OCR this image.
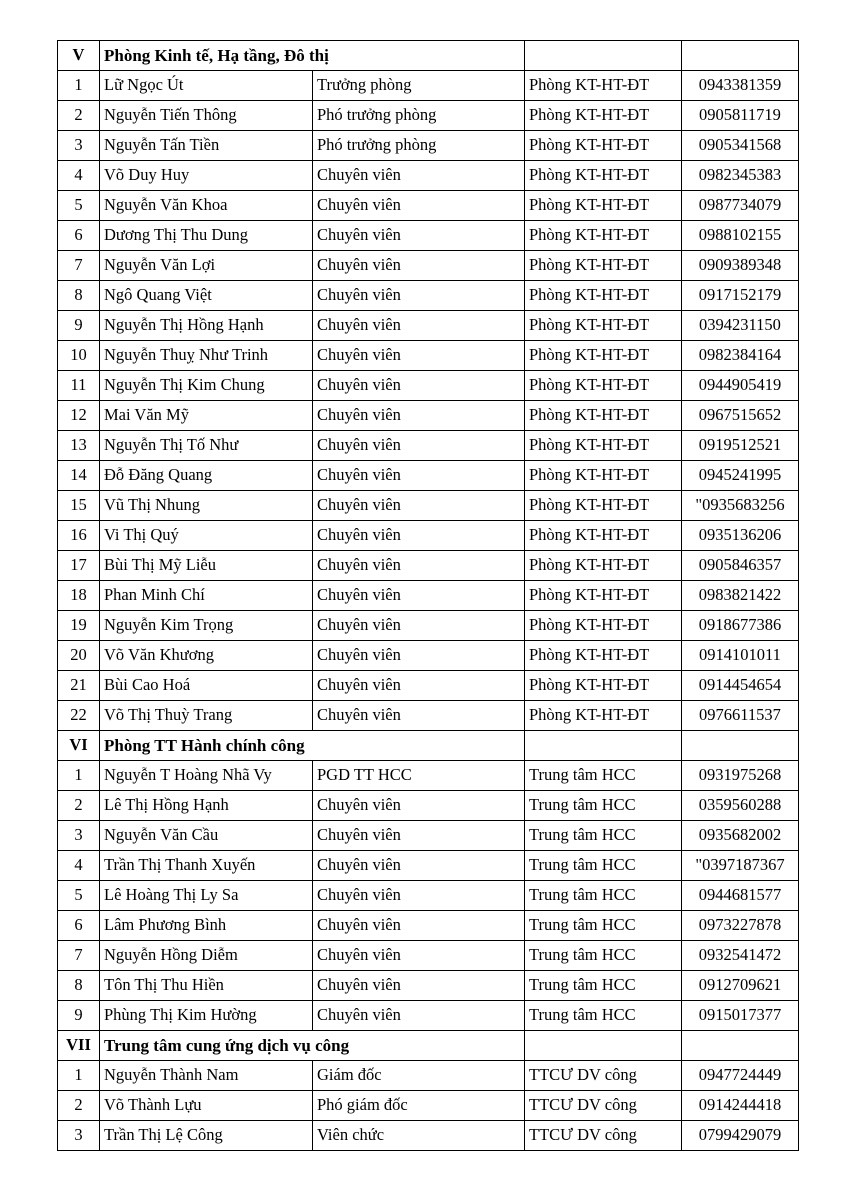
V	Phòng Kinh tế, Hạ tầng, Đô thị			
1	Lữ Ngọc Út	Trưởng phòng	Phòng KT-HT-ĐT	0943381359
2	Nguyễn Tiến Thông	Phó trưởng phòng	Phòng KT-HT-ĐT	0905811719
3	Nguyễn Tấn Tiền	Phó trưởng phòng	Phòng KT-HT-ĐT	0905341568
4	Võ Duy Huy	Chuyên viên	Phòng KT-HT-ĐT	0982345383
5	Nguyễn Văn Khoa	Chuyên viên	Phòng KT-HT-ĐT	0987734079
6	Dương Thị Thu Dung	Chuyên viên	Phòng KT-HT-ĐT	0988102155
7	Nguyễn Văn Lợi	Chuyên viên	Phòng KT-HT-ĐT	0909389348
8	Ngô Quang Việt	Chuyên viên	Phòng KT-HT-ĐT	0917152179
9	Nguyễn Thị Hồng Hạnh	Chuyên viên	Phòng KT-HT-ĐT	0394231150
10	Nguyễn Thuỵ Như Trinh	Chuyên viên	Phòng KT-HT-ĐT	0982384164
11	Nguyễn Thị Kim Chung	Chuyên viên	Phòng KT-HT-ĐT	0944905419
12	Mai Văn Mỹ	Chuyên viên	Phòng KT-HT-ĐT	0967515652
13	Nguyễn Thị Tố Như	Chuyên viên	Phòng KT-HT-ĐT	0919512521
14	Đỗ Đăng Quang	Chuyên viên	Phòng KT-HT-ĐT	0945241995
15	Vũ Thị Nhung	Chuyên viên	Phòng KT-HT-ĐT	"0935683256
16	Vi Thị Quý	Chuyên viên	Phòng KT-HT-ĐT	0935136206
17	Bùi Thị Mỹ Liễu	Chuyên viên	Phòng KT-HT-ĐT	0905846357
18	Phan Minh Chí	Chuyên viên	Phòng KT-HT-ĐT	0983821422
19	Nguyễn Kim Trọng	Chuyên viên	Phòng KT-HT-ĐT	0918677386
20	Võ Văn Khương	Chuyên viên	Phòng KT-HT-ĐT	0914101011
21	Bùi Cao Hoá	Chuyên viên	Phòng KT-HT-ĐT	0914454654
22	Võ Thị Thuỳ Trang	Chuyên viên	Phòng KT-HT-ĐT	0976611537
VI	Phòng TT Hành chính công			
1	Nguyễn T Hoàng Nhã Vy	PGD TT HCC	Trung tâm HCC	0931975268
2	Lê Thị Hồng Hạnh	Chuyên viên	Trung tâm HCC	0359560288
3	Nguyễn Văn Cầu	Chuyên viên	Trung tâm HCC	0935682002
4	Trần Thị Thanh Xuyến	Chuyên viên	Trung tâm HCC	"0397187367
5	Lê Hoàng Thị Ly Sa	Chuyên viên	Trung tâm HCC	0944681577
6	Lâm Phương Bình	Chuyên viên	Trung tâm HCC	0973227878
7	Nguyễn Hồng Diễm	Chuyên viên	Trung tâm HCC	0932541472
8	Tôn Thị Thu Hiền	Chuyên viên	Trung tâm HCC	0912709621
9	Phùng Thị Kim Hường	Chuyên viên	Trung tâm HCC	0915017377
VII	Trung tâm cung ứng dịch vụ công			
1	Nguyễn Thành Nam	Giám đốc	TTCƯ DV công	0947724449
2	Võ Thành Lựu	Phó giám đốc	TTCƯ DV công	0914244418
3	Trần Thị Lệ Công	Viên chức	TTCƯ DV công	0799429079
